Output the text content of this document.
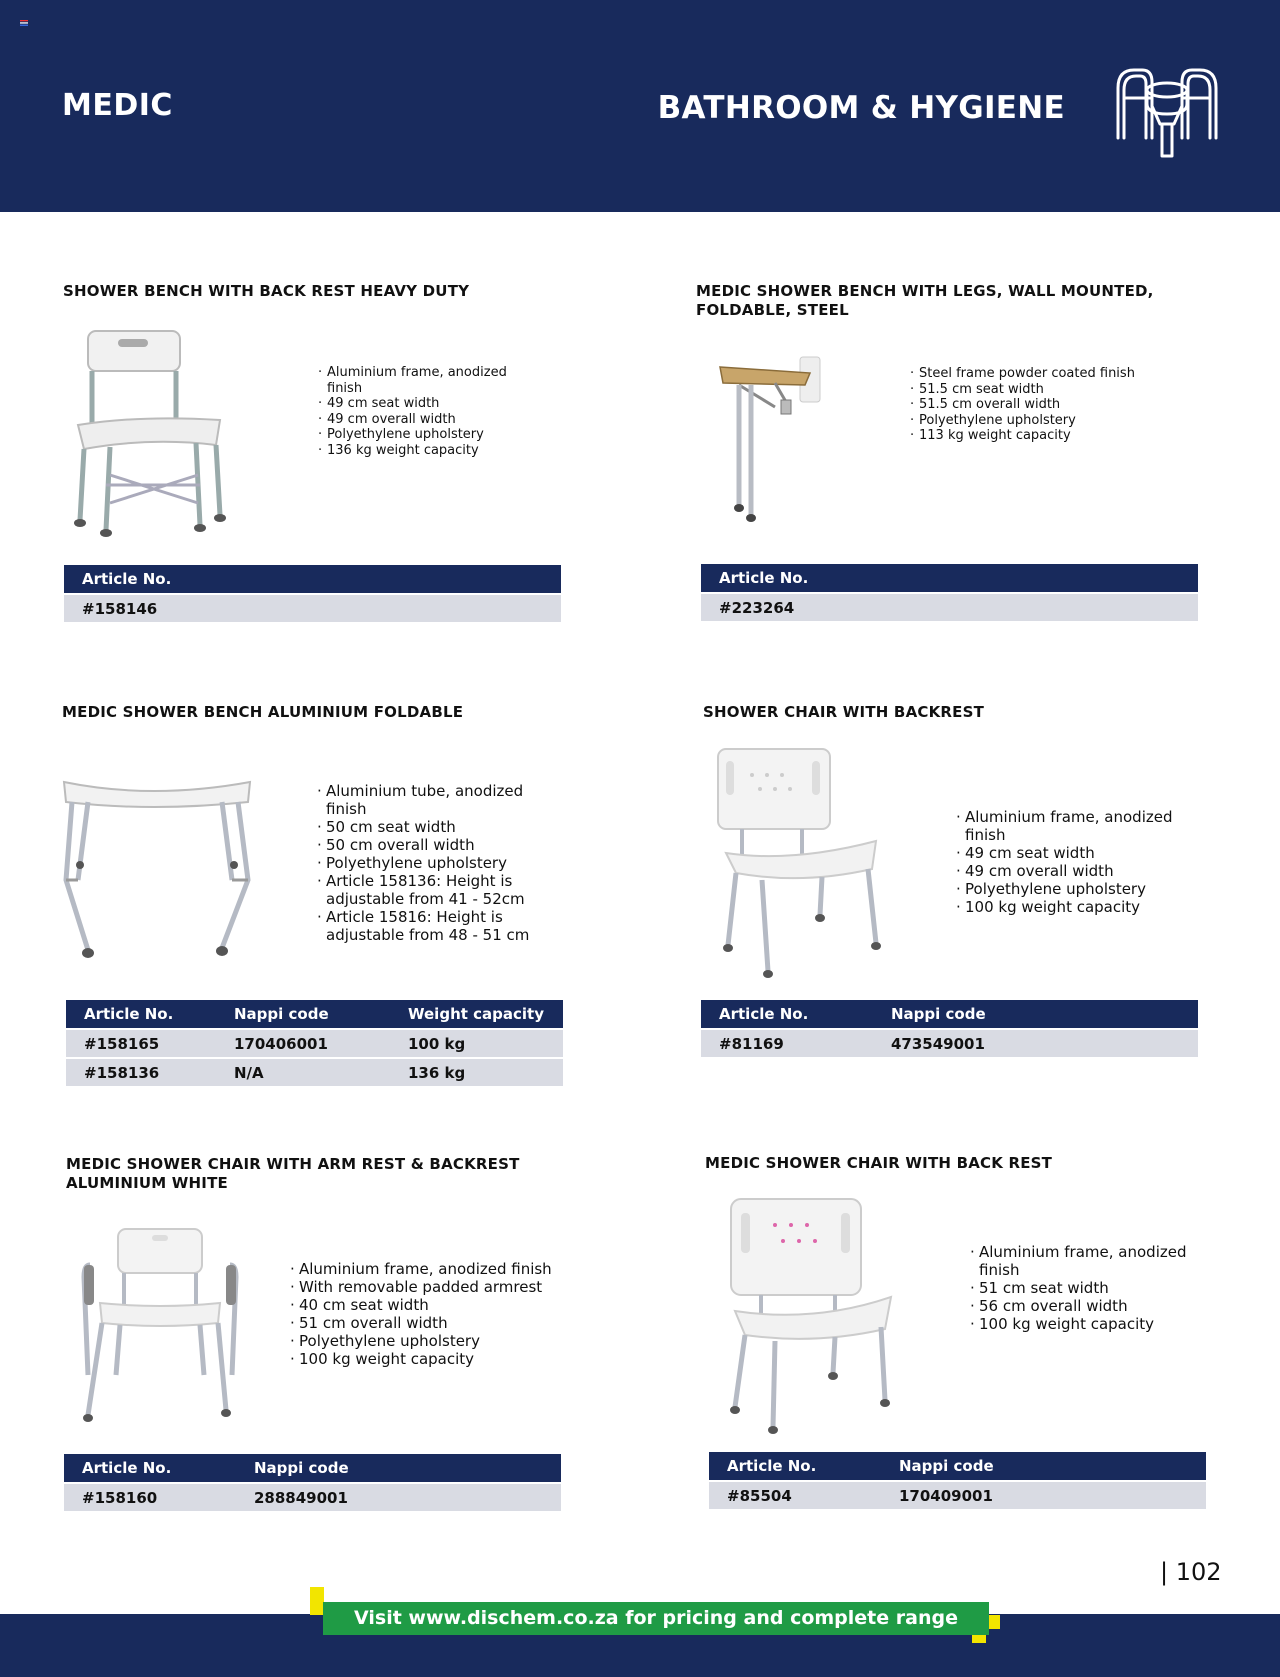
MEDIC	BATHROOM & HYGIENE
SHOWER BENCH WITH BACK REST HEAVY DUTY
· Aluminium frame, anodized finish
· 49 cm seat width
· 49 cm overall width
· Polyethylene upholstery
· 136 kg weight capacity
Article No.
#158146
MEDIC SHOWER BENCH WITH LEGS, WALL MOUNTED, FOLDABLE, STEEL
· Steel frame powder coated finish
· 51.5 cm seat width
· 51.5 cm overall width
· Polyethylene upholstery
· 113 kg weight capacity
Article No.
#223264
MEDIC SHOWER BENCH ALUMINIUM FOLDABLE
· Aluminium tube, anodized finish
· 50 cm seat width
· 50 cm overall width
· Polyethylene upholstery
· Article 158136: Height is adjustable from 41 - 52cm
· Article 15816: Height is adjustable from 48 - 51 cm
Article No.	Nappi code	Weight capacity
#158165	170406001	100 kg
#158136	N/A	136 kg
SHOWER CHAIR WITH BACKREST
· Aluminium frame, anodized finish
· 49 cm seat width
· 49 cm overall width
· Polyethylene upholstery
· 100 kg weight capacity
Article No.	Nappi code
#81169	473549001
MEDIC SHOWER CHAIR WITH ARM REST & BACKREST ALUMINIUM WHITE
· Aluminium frame, anodized finish
· With removable padded armrest
· 40 cm seat width
· 51 cm overall width
· Polyethylene upholstery
· 100 kg weight capacity
Article No.	Nappi code
#158160	288849001
MEDIC SHOWER CHAIR WITH BACK REST
· Aluminium frame, anodized finish
· 51 cm seat width
· 56 cm overall width
· 100 kg weight capacity
Article No.	Nappi code
#85504	170409001
| 102
Visit www.dischem.co.za for pricing and complete range
